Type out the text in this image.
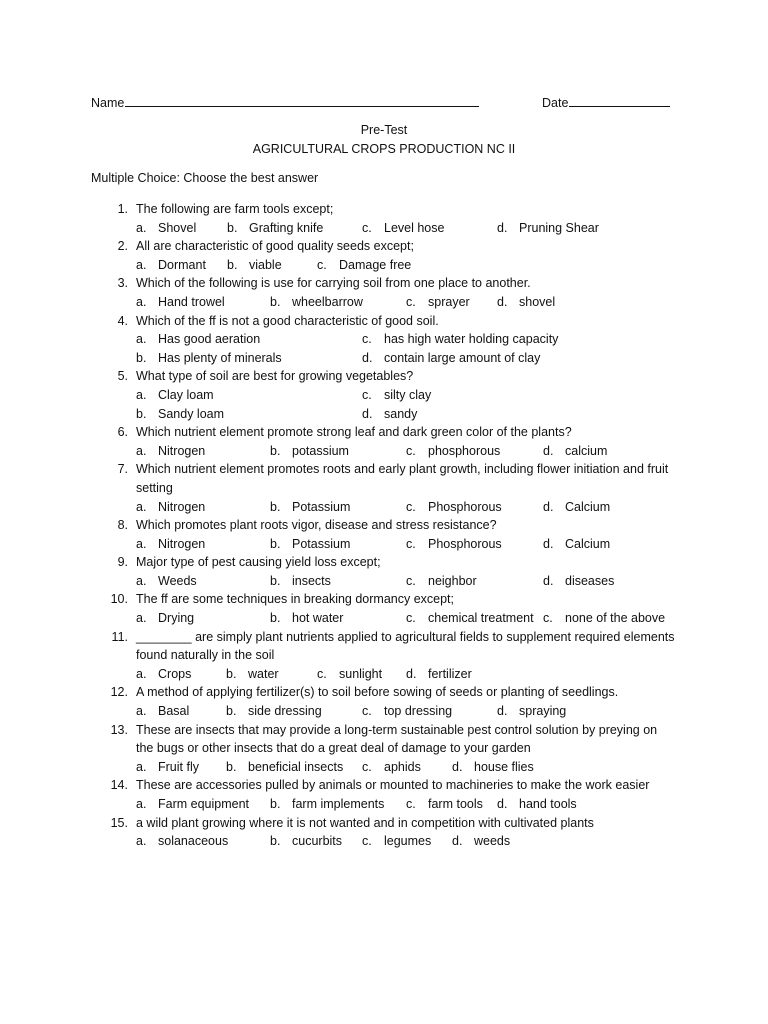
Name	Date
Pre-Test
AGRICULTURAL CROPS PRODUCTION NC II
Multiple Choice: Choose the best answer
1. The following are farm tools except;
a. Shovel b. Grafting knife	c. Level hose	d. Pruning Shear
2. All are characteristic of good quality seeds except;
a. Dormant b. viable	c. Damage free
3. Which of the following is use for carrying soil from one place to another.
a. Hand trowel	b. wheelbarrow	c. sprayer d. shovel
4. Which of the ff is not a good characteristic of good soil.
a. Has good aeration	c. has high water holding capacity
b. Has plenty of minerals	d. contain large amount of clay
5. What type of soil are best for growing vegetables?
a. Clay loam	c. silty clay
b. Sandy loam	d. sandy
6. Which nutrient element promote strong leaf and dark green color of the plants?
a. Nitrogen	b. potassium	c. phosphorous	d. calcium
7. Which nutrient element promotes roots and early plant growth, including flower initiation and fruit setting
a. Nitrogen	b. Potassium	c. Phosphorous	d. Calcium
8. Which promotes plant roots vigor, disease and stress resistance?
a. Nitrogen	b. Potassium	c. Phosphorous	d. Calcium
9. Major type of pest causing yield loss except;
a. Weeds	b. insects	c. neighbor	d. diseases
10. The ff are some techniques in breaking dormancy except;
a. Drying	b. hot water	c. chemical treatment c. none of the above
11. ________ are simply plant nutrients applied to agricultural fields to supplement required elements found naturally in the soil
a. Crops	b. water	c. sunlight d. fertilizer
12. A method of applying fertilizer(s) to soil before sowing of seeds or planting of seedlings.
a. Basal	b. side dressing	c. top dressing	d. spraying
13. These are insects that may provide a long-term sustainable pest control solution by preying on the bugs or other insects that do a great deal of damage to your garden
a. Fruit fly b. beneficial insects c. aphids d. house flies
14. These are accessories pulled by animals or mounted to machineries to make the work easier
a. Farm equipment b. farm implements c. farm tools d. hand tools
15. a wild plant growing where it is not wanted and in competition with cultivated plants
a. solanaceous	b. cucurbits c. legumes d. weeds
